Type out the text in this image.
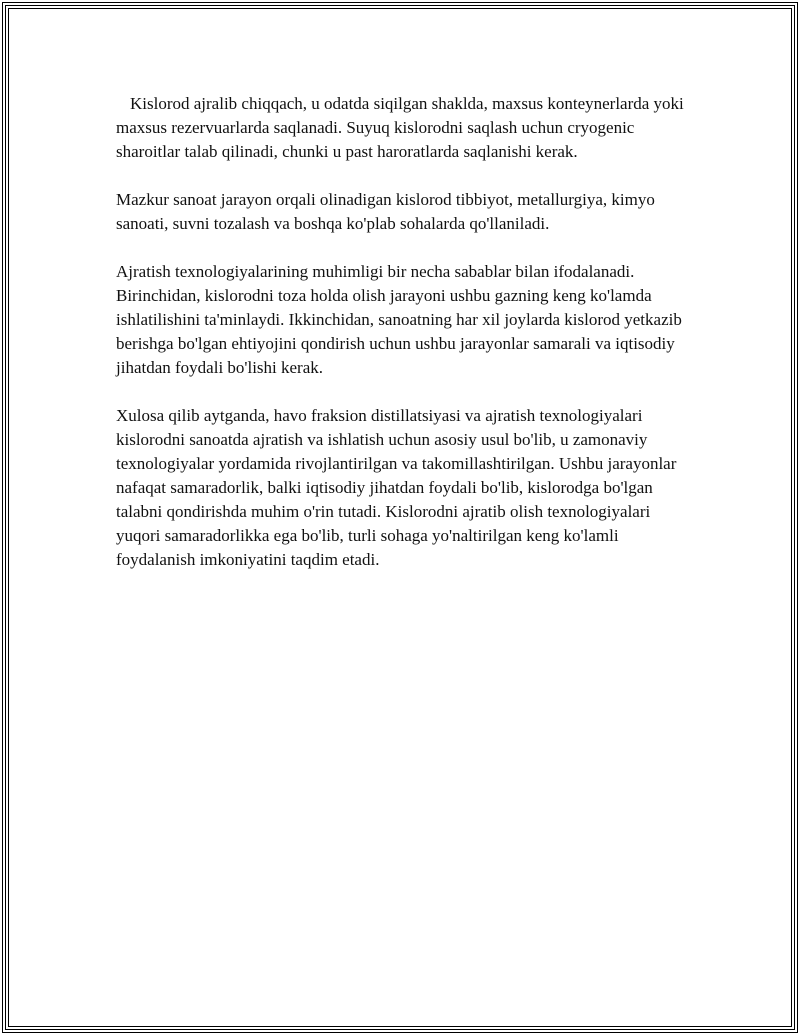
Kislorod ajralib chiqqach, u odatda siqilgan shaklda, maxsus konteynerlarda yoki maxsus rezervuarlarda saqlanadi. Suyuq kislorodni saqlash uchun cryogenic sharoitlar talab qilinadi, chunki u past haroratlarda saqlanishi kerak.

Mazkur sanoat jarayon orqali olinadigan kislorod tibbiyot, metallurgiya, kimyo sanoati, suvni tozalash va boshqa ko'plab sohalarda qo'llaniladi.

Ajratish texnologiyalarining muhimligi bir necha sabablar bilan ifodalanadi. Birinchidan, kislorodni toza holda olish jarayoni ushbu gazning keng ko'lamda ishlatilishini ta'minlaydi. Ikkinchidan, sanoatning har xil joylarda kislorod yetkazib berishga bo'lgan ehtiyojini qondirish uchun ushbu jarayonlar samarali va iqtisodiy jihatdan foydali bo'lishi kerak.

Xulosa qilib aytganda, havo fraksion distillatsiyasi va ajratish texnologiyalari kislorodni sanoatda ajratish va ishlatish uchun asosiy usul bo'lib, u zamonaviy texnologiyalar yordamida rivojlantirilgan va takomillashtirilgan. Ushbu jarayonlar nafaqat samaradorlik, balki iqtisodiy jihatdan foydali bo'lib, kislorodga bo'lgan talabni qondirishda muhim o'rin tutadi. Kislorodni ajratib olish texnologiyalari yuqori samaradorlikka ega bo'lib, turli sohaga yo'naltirilgan keng ko'lamli foydalanish imkoniyatini taqdim etadi.
